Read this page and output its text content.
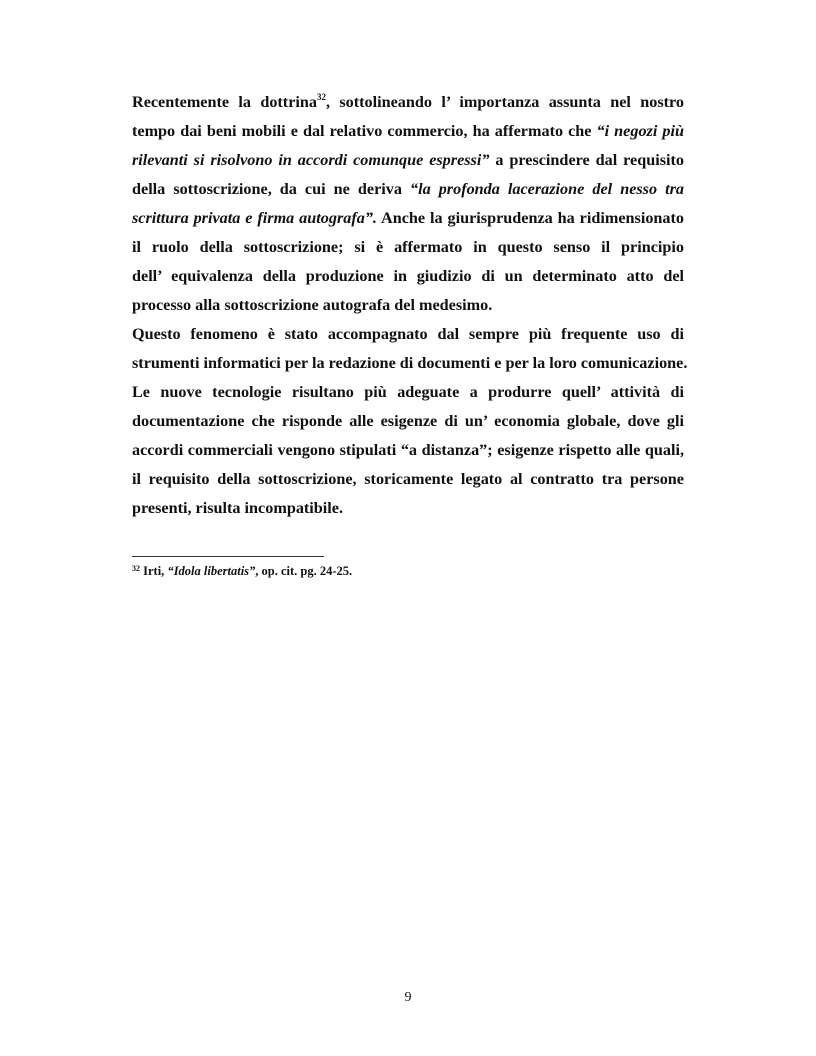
Recentemente la dottrina$^{32}$, sottolineando l’ importanza assunta nel nostro
tempo dai beni mobili e dal relativo commercio, ha affermato che “i negozi più
rilevanti si risolvono in accordi comunque espressi” a prescindere dal requisito
della sottoscrizione, da cui ne deriva “la profonda lacerazione del nesso tra
scrittura privata e firma autografa”. Anche la giurisprudenza ha ridimensionato
il ruolo della sottoscrizione; si è affermato in questo senso il principio
dell’ equivalenza della produzione in giudizio di un determinato atto del
processo alla sottoscrizione autografa del medesimo.

Questo fenomeno è stato accompagnato dal sempre più frequente uso di
strumenti informatici per la redazione di documenti e per la loro comunicazione.
Le nuove tecnologie risultano più adeguate a produrre quell’ attività di
documentazione che risponde alle esigenze di un’ economia globale, dove gli
accordi commerciali vengono stipulati “a distanza”; esigenze rispetto alle quali,
il requisito della sottoscrizione, storicamente legato al contratto tra persone
presenti, risulta incompatibile.

$^{32}$ Irti, “Idola libertatis”, op. cit. pg. 24-25.
9
